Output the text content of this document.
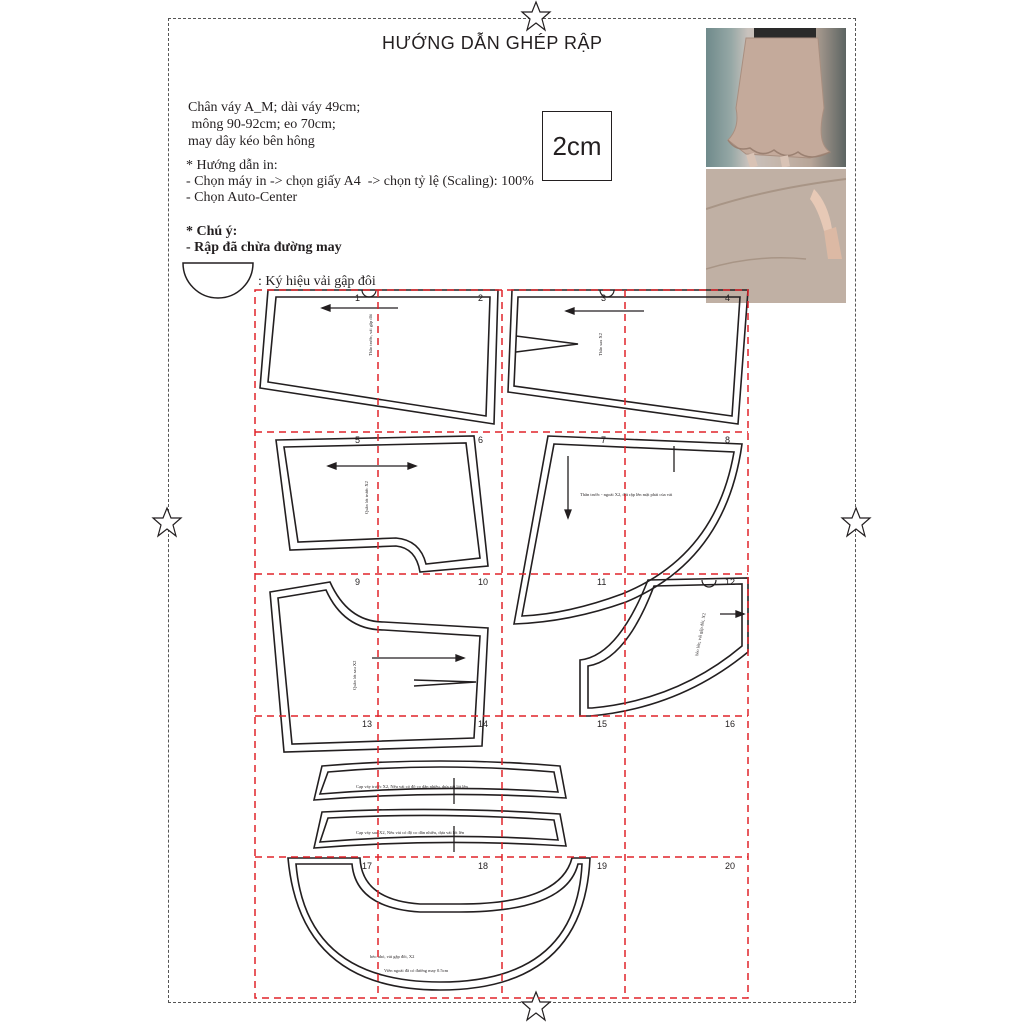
HƯỚNG DẪN GHÉP RẬP
Chân váy A_M; dài váy 49cm;
mông 90-92cm; eo 70cm;
may dây kéo bên hông
* Hướng dẫn in:
- Chọn máy in -> chọn giấy A4  -> chọn tỷ lệ (Scaling): 100%
- Chọn Auto-Center
* Chú ý:
- Rập đã chừa đường may
: Ký hiệu vải gập đôi
2cm
Thân trước, vải gập đôi	Thân sau X2
Quần lót trước X2	Thân trước - ngoài X2, đặt rập lên mặt phải của vải
Quần lót sau X2
bèo lớn, vải gập đôi, X2
Cạp váy trước X2, Nếu vải có độ co dãn nhiều, dựa vải lót lên
Cạp váy sau X2, Nếu vải có độ co dãn nhiều, dựa vải lót lên
bèo nhỏ, vải gập đôi, X2
Viền ngoài đã có đường may 0.5cm
1	2	3	4
5	6	7	8
9	10	11	12
13	14	15	16
17	18	19	20
